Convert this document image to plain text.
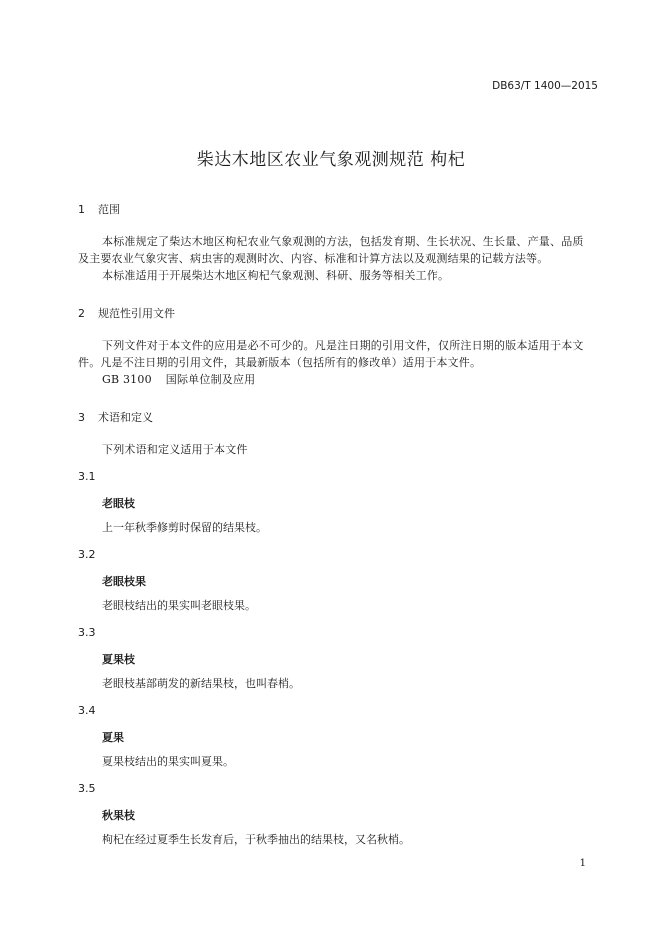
DB63/T 1400—2015
柴达木地区农业气象观测规范 枸杞
1 范围
本标准规定了柴达木地区枸杞农业气象观测的方法，包括发育期、生长状况、生长量、产量、品质
及主要农业气象灾害、病虫害的观测时次、内容、标准和计算方法以及观测结果的记载方法等。
本标准适用于开展柴达木地区枸杞气象观测、科研、服务等相关工作。
2 规范性引用文件
下列文件对于本文件的应用是必不可少的。凡是注日期的引用文件，仅所注日期的版本适用于本文
件。凡是不注日期的引用文件，其最新版本（包括所有的修改单）适用于本文件。
GB 3100 国际单位制及应用
3 术语和定义
下列术语和定义适用于本文件
3.1
老眼枝
上一年秋季修剪时保留的结果枝。
3.2
老眼枝果
老眼枝结出的果实叫老眼枝果。
3.3
夏果枝
老眼枝基部萌发的新结果枝，也叫春梢。
3.4
夏果
夏果枝结出的果实叫夏果。
3.5
秋果枝
枸杞在经过夏季生长发育后，于秋季抽出的结果枝，又名秋梢。
1
